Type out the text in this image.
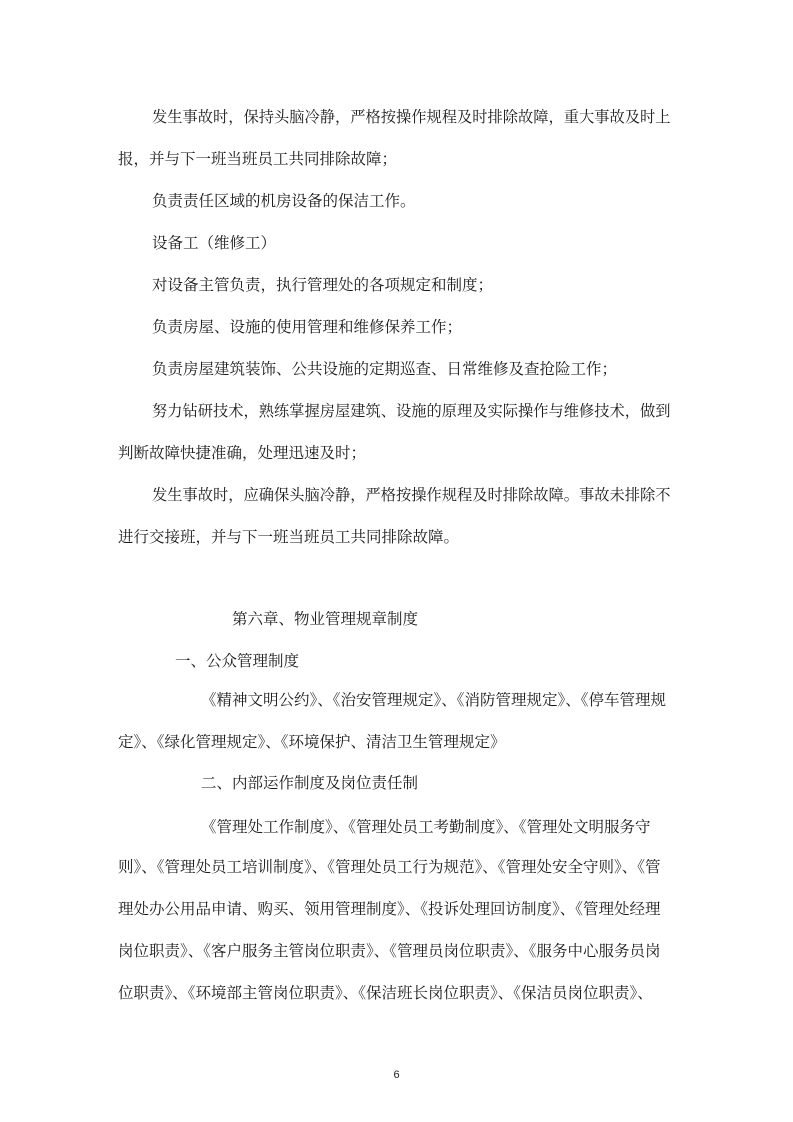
发生事故时，保持头脑冷静，严格按操作规程及时排除故障，重大事故及时上
报，并与下一班当班员工共同排除故障；
负责责任区域的机房设备的保洁工作。
设备工（维修工）
对设备主管负责，执行管理处的各项规定和制度；
负责房屋、设施的使用管理和维修保养工作；
负责房屋建筑装饰、公共设施的定期巡查、日常维修及查抢险工作；
努力钻研技术，熟练掌握房屋建筑、设施的原理及实际操作与维修技术，做到
判断故障快捷准确，处理迅速及时；
发生事故时，应确保头脑冷静，严格按操作规程及时排除故障。事故未排除不
进行交接班，并与下一班当班员工共同排除故障。
第六章、物业管理规章制度
一、公众管理制度
《精神文明公约》、《治安管理规定》、《消防管理规定》、《停车管理规
定》、《绿化管理规定》、《环境保护、清洁卫生管理规定》
二、内部运作制度及岗位责任制
《管理处工作制度》、《管理处员工考勤制度》、《管理处文明服务守
则》、《管理处员工培训制度》、《管理处员工行为规范》、《管理处安全守则》、《管
理处办公用品申请、购买、领用管理制度》、《投诉处理回访制度》、《管理处经理
岗位职责》、《客户服务主管岗位职责》、《管理员岗位职责》、《服务中心服务员岗
位职责》、《环境部主管岗位职责》、《保洁班长岗位职责》、《保洁员岗位职责》、
6
